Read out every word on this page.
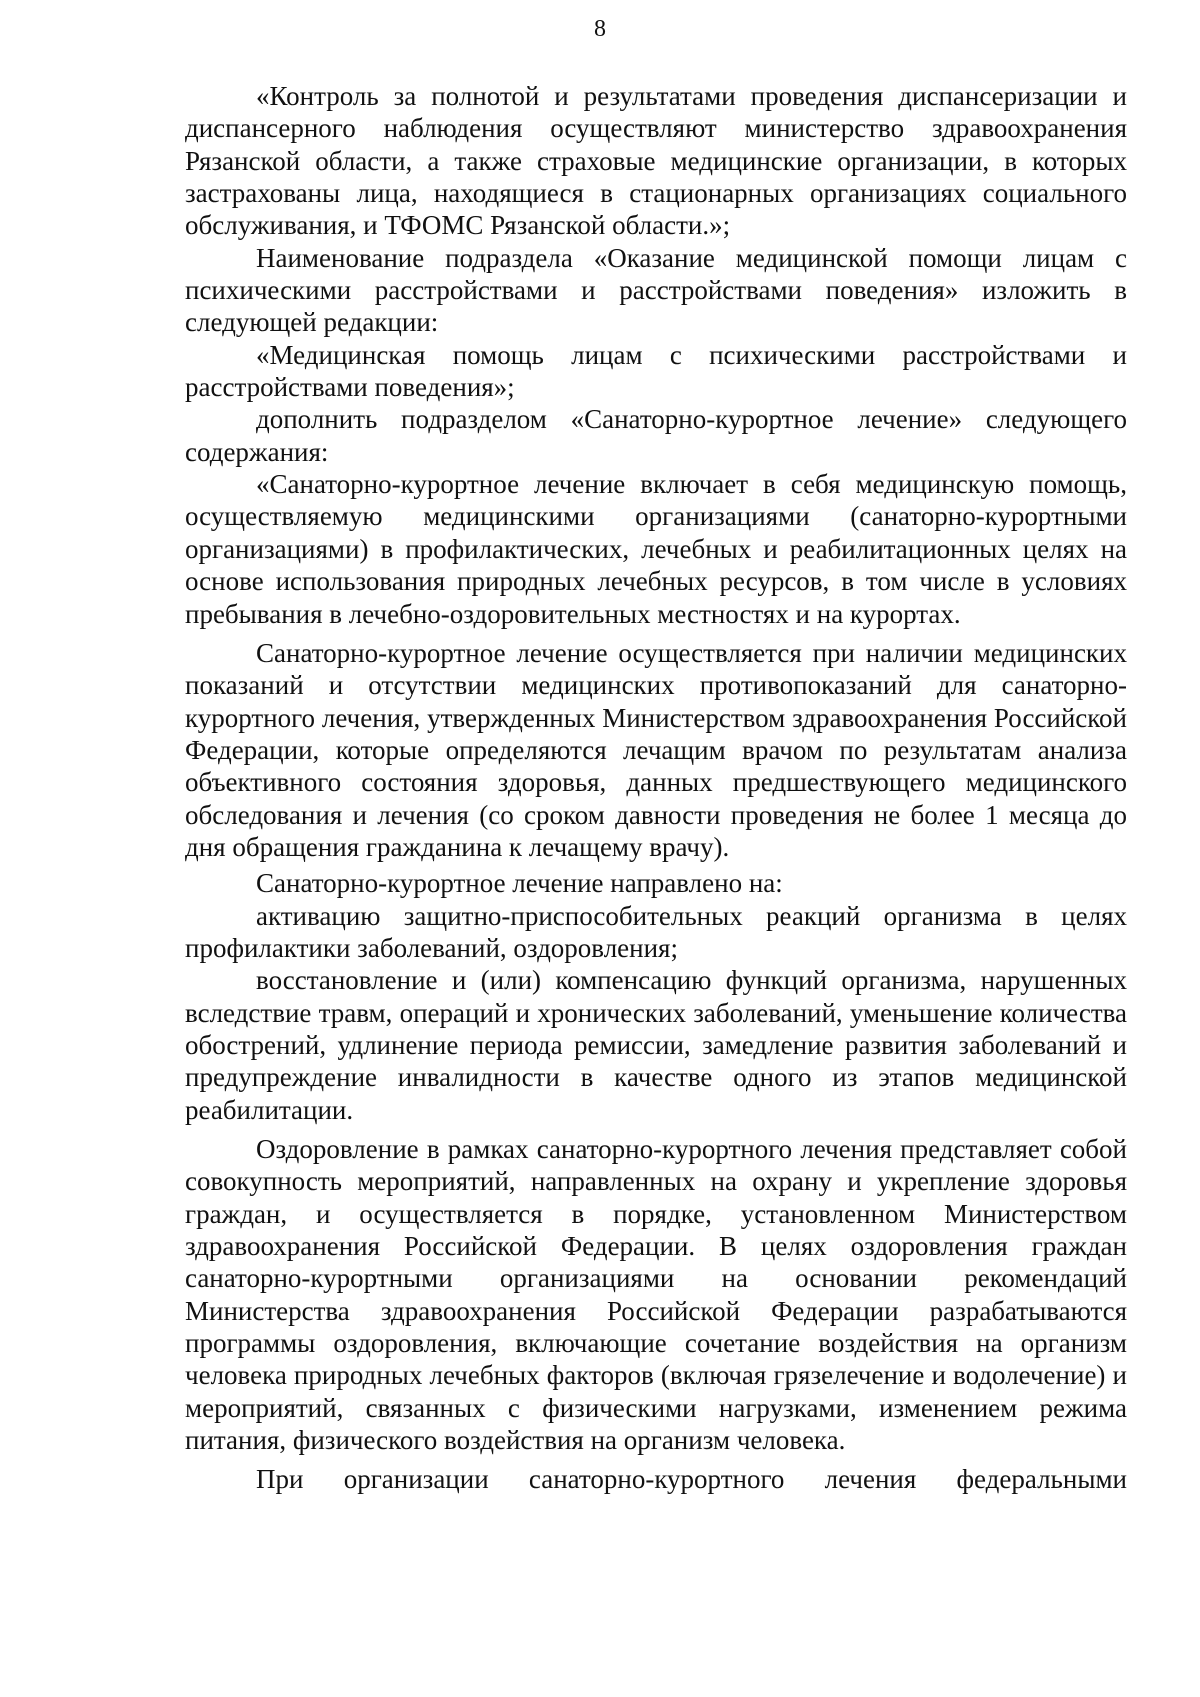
8

«Контроль за полнотой и результатами проведения диспансеризации и диспансерного наблюдения осуществляют министерство здравоохранения Рязанской области, а также страховые медицинские организации, в которых застрахованы лица, находящиеся в стационарных организациях социального обслуживания, и ТФОМС Рязанской области.»;

Наименование подраздела «Оказание медицинской помощи лицам с психическими расстройствами и расстройствами поведения» изложить в следующей редакции:

«Медицинская помощь лицам с психическими расстройствами и расстройствами поведения»;

дополнить подразделом «Санаторно-курортное лечение» следующего содержания:

«Санаторно-курортное лечение включает в себя медицинскую помощь, осуществляемую медицинскими организациями (санаторно-курортными организациями) в профилактических, лечебных и реабилитационных целях на основе использования природных лечебных ресурсов, в том числе в условиях пребывания в лечебно-оздоровительных местностях и на курортах.

Санаторно-курортное лечение осуществляется при наличии медицинских показаний и отсутствии медицинских противопоказаний для санаторно-курортного лечения, утвержденных Министерством здравоохранения Российской Федерации, которые определяются лечащим врачом по результатам анализа объективного состояния здоровья, данных предшествующего медицинского обследования и лечения (со сроком давности проведения не более 1 месяца до дня обращения гражданина к лечащему врачу).

Санаторно-курортное лечение направлено на:

активацию защитно-приспособительных реакций организма в целях профилактики заболеваний, оздоровления;

восстановление и (или) компенсацию функций организма, нарушенных вследствие травм, операций и хронических заболеваний, уменьшение количества обострений, удлинение периода ремиссии, замедление развития заболеваний и предупреждение инвалидности в качестве одного из этапов медицинской реабилитации.

Оздоровление в рамках санаторно-курортного лечения представляет собой совокупность мероприятий, направленных на охрану и укрепление здоровья граждан, и осуществляется в порядке, установленном Министерством здравоохранения Российской Федерации. В целях оздоровления граждан санаторно-курортными организациями на основании рекомендаций Министерства здравоохранения Российской Федерации разрабатываются программы оздоровления, включающие сочетание воздействия на организм человека природных лечебных факторов (включая грязелечение и водолечение) и мероприятий, связанных с физическими нагрузками, изменением режима питания, физического воздействия на организм человека.

При организации санаторно-курортного лечения федеральными
